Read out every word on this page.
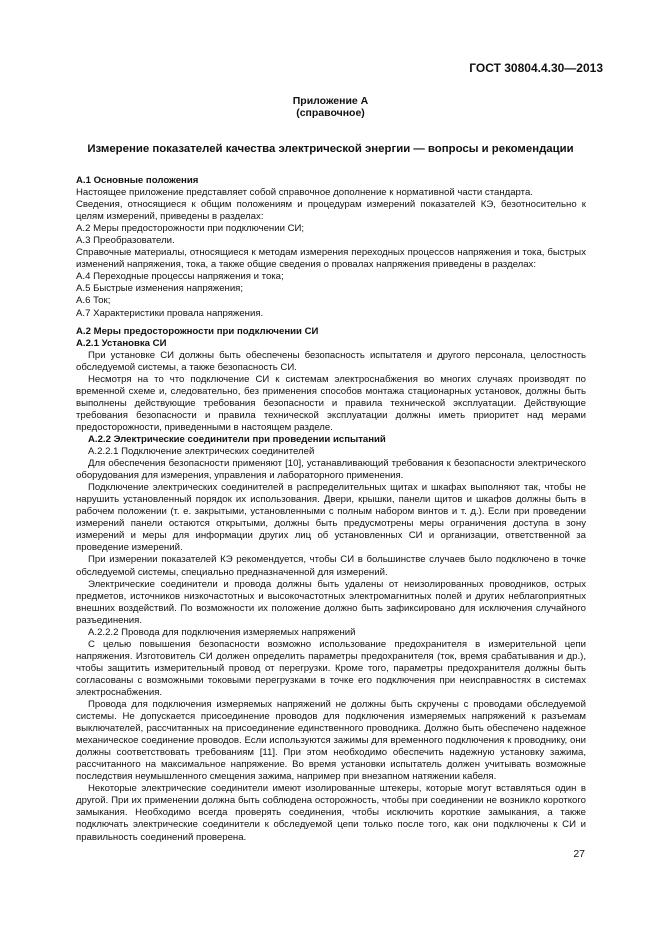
ГОСТ 30804.4.30—2013
Приложение А
(справочное)
Измерение показателей качества электрической энергии — вопросы и рекомендации

А.1 Основные положения

Настоящее приложение представляет собой справочное дополнение к нормативной части стандарта.

Сведения, относящиеся к общим положениям и процедурам измерений показателей КЭ, безотносительно к целям измерений, приведены в разделах:

А.2 Меры предосторожности при подключении СИ;

А.3 Преобразователи.

Справочные материалы, относящиеся к методам измерения переходных процессов напряжения и тока, быстрых изменений напряжения, тока, а также общие сведения о провалах напряжения приведены в разделах:

А.4 Переходные процессы напряжения и тока;

А.5 Быстрые изменения напряжения;

А.6 Ток;

А.7 Характеристики провала напряжения.

А.2 Меры предосторожности при подключении СИ

А.2.1 Установка СИ

При установке СИ должны быть обеспечены безопасность испытателя и другого персонала, целостность обследуемой системы, а также безопасность СИ.

Несмотря на то что подключение СИ к системам электроснабжения во многих случаях производят по временной схеме и, следовательно, без применения способов монтажа стационарных установок, должны быть выполнены действующие требования безопасности и правила технической эксплуатации. Действующие требования безопасности и правила технической эксплуатации должны иметь приоритет над мерами предосторожности, приведенными в настоящем разделе.

А.2.2 Электрические соединители при проведении испытаний

А.2.2.1 Подключение электрических соединителей

Для обеспечения безопасности применяют [10], устанавливающий требования к безопасности электрического оборудования для измерения, управления и лабораторного применения.

Подключение электрических соединителей в распределительных щитах и шкафах выполняют так, чтобы не нарушить установленный порядок их использования. Двери, крышки, панели щитов и шкафов должны быть в рабочем положении (т. е. закрытыми, установленными с полным набором винтов и т. д.). Если при проведении измерений панели остаются открытыми, должны быть предусмотрены меры ограничения доступа в зону измерений и меры для информации других лиц об установленных СИ и организации, ответственной за проведение измерений.

При измерении показателей КЭ рекомендуется, чтобы СИ в большинстве случаев было подключено в точке обследуемой системы, специально предназначенной для измерений.

Электрические соединители и провода должны быть удалены от неизолированных проводников, острых предметов, источников низкочастотных и высокочастотных электромагнитных полей и других неблагоприятных внешних воздействий. По возможности их положение должно быть зафиксировано для исключения случайного разъединения.

А.2.2.2 Провода для подключения измеряемых напряжений

С целью повышения безопасности возможно использование предохранителя в измерительной цепи напряжения. Изготовитель СИ должен определить параметры предохранителя (ток, время срабатывания и др.), чтобы защитить измерительный провод от перегрузки. Кроме того, параметры предохранителя должны быть согласованы с возможными токовыми перегрузками в точке его подключения при неисправностях в системах электроснабжения.

Провода для подключения измеряемых напряжений не должны быть скручены с проводами обследуемой системы. Не допускается присоединение проводов для подключения измеряемых напряжений к разъемам выключателей, рассчитанных на присоединение единственного проводника. Должно быть обеспечено надежное механическое соединение проводов. Если используются зажимы для временного подключения к проводнику, они должны соответствовать требованиям [11]. При этом необходимо обеспечить надежную установку зажима, рассчитанного на максимальное напряжение. Во время установки испытатель должен учитывать возможные последствия неумышленного смещения зажима, например при внезапном натяжении кабеля.

Некоторые электрические соединители имеют изолированные штекеры, которые могут вставляться один в другой. При их применении должна быть соблюдена осторожность, чтобы при соединении не возникло короткого замыкания. Необходимо всегда проверять соединения, чтобы исключить короткие замыкания, а также подключать электрические соединители к обследуемой цепи только после того, как они подключены к СИ и правильность соединений проверена.

27
